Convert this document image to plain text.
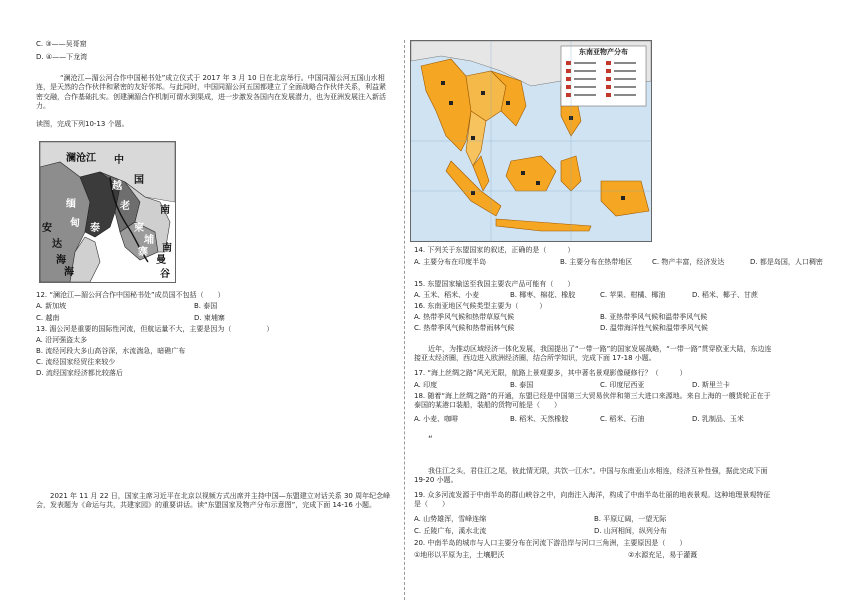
C. ③——吴哥窟
D. ④——下龙湾
“澜沧江—湄公河合作中国秘书处”成立仪式于 2017 年 3 月 10 日在北京举行。中国同湄公河五国山水相连，是天然的合作伙伴和紧密的友好邻邦。与此同时，中国同湄公河五国都建立了全面战略合作伙伴关系，利益紧密交融，合作基础扎实。创建澜湄合作机制可谓水到渠成，进一步激发各国内在发展潜力，也为亚洲发展注入新活力。
读图，完成下列10-13 个题。
澜沧江 中
国
越
缅
甸
老	南
泰
国
柬
埔
寨 南
安
达
曼
海
谷
海
12. “澜沧江—湄公河合作中国秘书处”成员国不包括（　　）
A. 新加坡	B. 泰国
C. 越南	D. 柬埔寨
13. 湄公河是重要的国际性河流，但航运量不大，主要是因为（　　　　　）
A. 沿河强盗太多
B. 流经河段大多山高谷深，水流湍急，暗礁广布
C. 流经国家经贸往来较少
D. 流经国家经济都比较落后
2021 年 11 月 22 日，国家主席习近平在北京以视频方式出席并主持中国—东盟建立对话关系 30 周年纪念峰会，发表题为《命运与共，共建家园》的重要讲话。读“东盟国家及物产分布示意图”，完成下面 14-16 小题。
东南亚物产分布
14. 下列关于东盟国家的叙述，正确的是（　　　）
A. 主要分布在印度半岛	B. 主要分布在热带地区	C. 物产丰富，经济发达	D. 都是岛国，人口稠密
15. 东盟国家输送至我国主要农产品可能有（　　）
A. 玉米、稻米、小麦	B. 椰枣、棉花、橡胶	C. 苹果、柑橘、椰油	D. 稻米、椰子、甘蔗
16. 东南亚地区气候类型主要为（　　　）
A. 热带季风气候和热带草原气候	B. 亚热带季风气候和温带季风气候
C. 热带季风气候和热带雨林气候	D. 温带海洋性气候和温带季风气候
近年，为推动区域经济一体化发展，我国提出了“一带一路”的国家发展战略，“一带一路”贯穿欧亚大陆，东边连接亚太经济圈，西边进入欧洲经济圈，结合所学知识，完成下面 17-18 小题。
17. “海上丝绸之路”风光无限，航路上景观要多，其中著名景观影像硬修行？（　　　）
A. 印度	B. 泰国	C. 印度尼西亚	D. 斯里兰卡
18. 随着“海上丝绸之路”的开通，东盟已经是中国第三大贸易伙伴和第三大进口来源地。来自上海的一艘货轮正在于泰国的某港口装船，装船的货物可能是（　　）
A. 小麦、咖啡	B. 稻米、天然橡胶	C. 稻米、石油	D. 乳制品、玉米
“
我住江之头，君住江之尾，彼此情无限，共饮一江水”。中国与东南亚山水相连，经济互补性强，据此完成下面 19-20 小题。
19. 众多河流发源于中南半岛的群山峡谷之中，向南注入海洋，构成了中南半岛壮丽的地表景观。这种地理景观特征是（　　）
A. 山势雄浑，雪峰连绵	B. 平原辽阔，一望无际
C. 丘陵广布，溪水北流	D. 山河相间，纵列分布
20. 中南半岛的城市与人口主要分布在河流下游沿岸与河口三角洲，主要原因是（　　）
①地形以平原为主，土壤肥沃	②水源充足，易于灌溉
